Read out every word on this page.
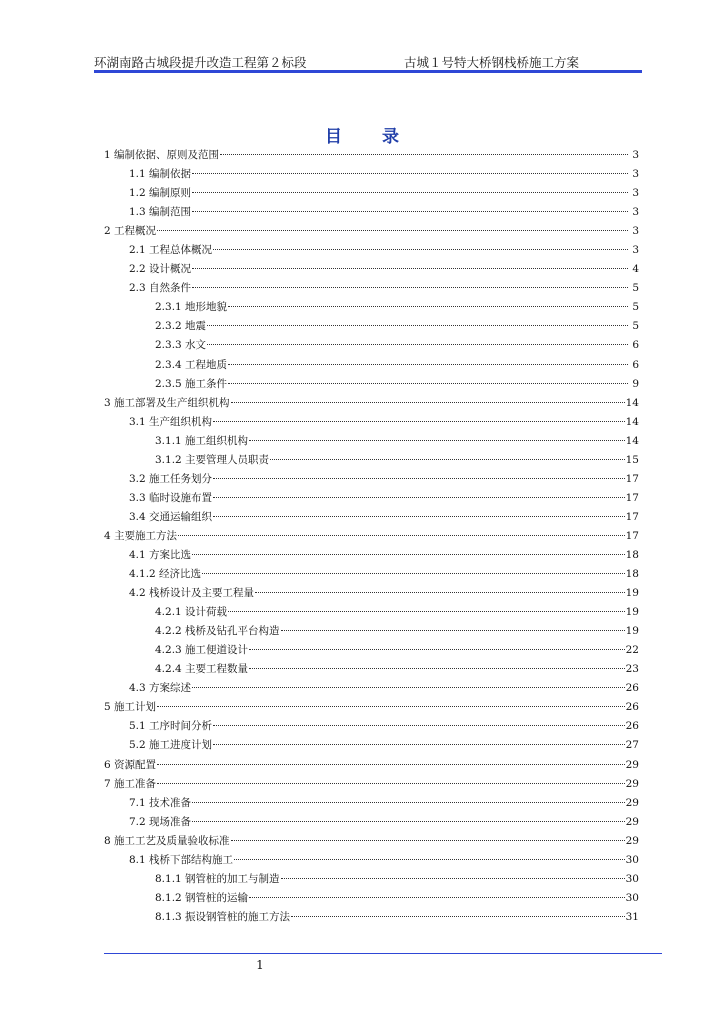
环湖南路古城段提升改造工程第２标段	古城１号特大桥钢栈桥施工方案
目录
1 编制依据、原则及范围	3
1.1 编制依据	3
1.2 编制原则	3
1.3 编制范围	3
2 工程概况	3
2.1 工程总体概况	3
2.2 设计概况	4
2.3 自然条件	5
2.3.1 地形地貌	5
2.3.2 地震	5
2.3.3 水文	6
2.3.4 工程地质	6
2.3.5 施工条件	9
3 施工部署及生产组织机构	14
3.1 生产组织机构	14
3.1.1 施工组织机构	14
3.1.2 主要管理人员职责	15
3.2 施工任务划分	17
3.3 临时设施布置	17
3.4 交通运输组织	17
4 主要施工方法	17
4.1 方案比选	18
4.1.2 经济比选	18
4.2 栈桥设计及主要工程量	19
4.2.1 设计荷载	19
4.2.2 栈桥及钻孔平台构造	19
4.2.3 施工便道设计	22
4.2.4 主要工程数量	23
4.3 方案综述	26
5 施工计划	26
5.1 工序时间分析	26
5.2 施工进度计划	27
6 资源配置	29
7 施工准备	29
7.1 技术准备	29
7.2 现场准备	29
8 施工工艺及质量验收标准	29
8.1 栈桥下部结构施工	30
8.1.1 钢管桩的加工与制造	30
8.1.2 钢管桩的运输	30
8.1.3 振设钢管桩的施工方法	31
1
